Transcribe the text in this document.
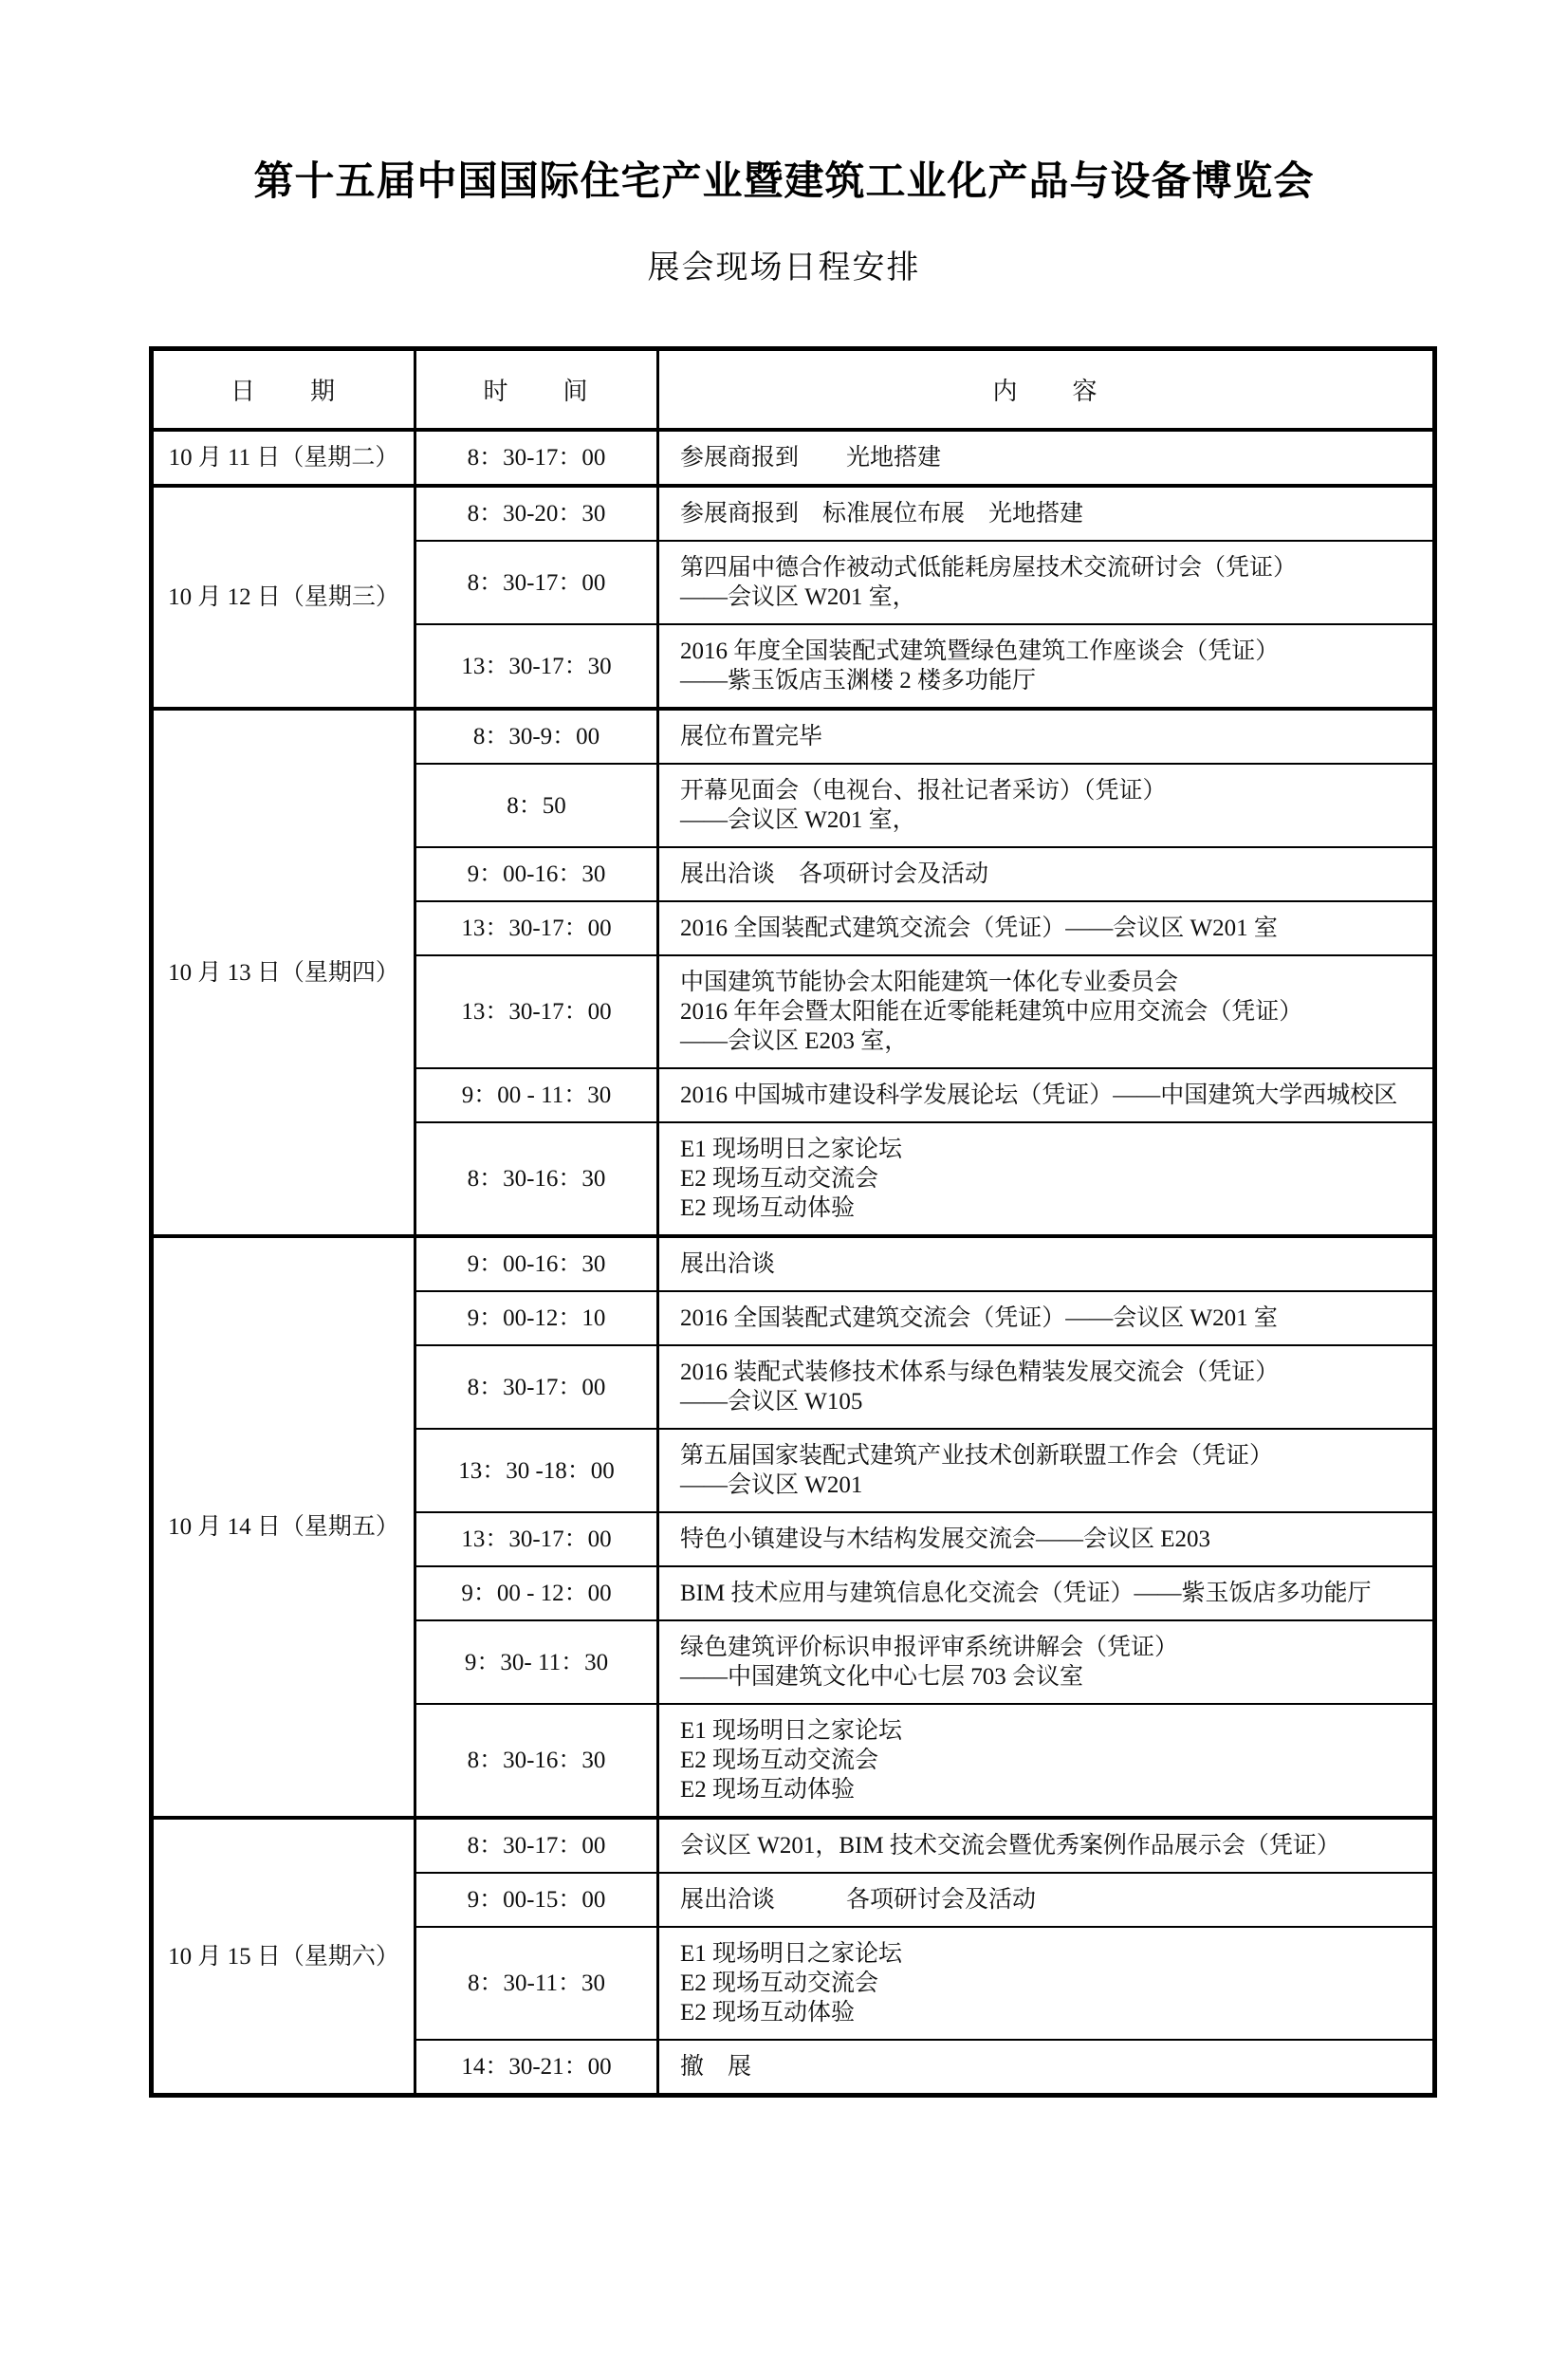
第十五届中国国际住宅产业暨建筑工业化产品与设备博览会
展会现场日程安排
日　　期	时　　间	内　　容
10 月 11 日（星期二）	8：30-17：00	参展商报到　　光地搭建

10 月 12 日（星期三）	8：30-20：30	参展商报到　标准展位布展　光地搭建

	8：30-17：00	第四届中德合作被动式低能耗房屋技术交流研讨会（凭证）
——会议区 W201 室，

	13：30-17：30	2016 年度全国装配式建筑暨绿色建筑工作座谈会（凭证）
——紫玉饭店玉渊楼 2 楼多功能厅

10 月 13 日（星期四）	8：30-9：00	展位布置完毕

	8：50	开幕见面会（电视台、报社记者采访）（凭证）
——会议区 W201 室，

	9：00-16：30	展出洽谈　各项研讨会及活动

	13：30-17：00	2016 全国装配式建筑交流会（凭证）——会议区 W201 室

	13：30-17：00	中国建筑节能协会太阳能建筑一体化专业委员会
2016 年年会暨太阳能在近零能耗建筑中应用交流会（凭证）
——会议区 E203 室，

	9：00 - 11：30	2016 中国城市建设科学发展论坛（凭证）——中国建筑大学西城校区

	8：30-16：30	E1 现场明日之家论坛
E2 现场互动交流会
E2 现场互动体验

10 月 14 日（星期五）	9：00-16：30	展出洽谈

	9：00-12：10	2016 全国装配式建筑交流会（凭证）——会议区 W201 室

	8：30-17：00	2016 装配式装修技术体系与绿色精装发展交流会（凭证）
——会议区 W105

	13：30 -18：00	第五届国家装配式建筑产业技术创新联盟工作会（凭证）
——会议区 W201

	13：30-17：00	特色小镇建设与木结构发展交流会——会议区 E203

	9：00 - 12：00	BIM 技术应用与建筑信息化交流会（凭证）——紫玉饭店多功能厅

	9：30- 11：30	绿色建筑评价标识申报评审系统讲解会（凭证）
——中国建筑文化中心七层 703 会议室

	8：30-16：30	E1 现场明日之家论坛
E2 现场互动交流会
E2 现场互动体验

10 月 15 日（星期六）	8：30-17：00	会议区 W201，BIM 技术交流会暨优秀案例作品展示会（凭证）

	9：00-15：00	展出洽谈　　　各项研讨会及活动

	8：30-11：30	E1 现场明日之家论坛
E2 现场互动交流会
E2 现场互动体验

	14：30-21：00	撤　展
